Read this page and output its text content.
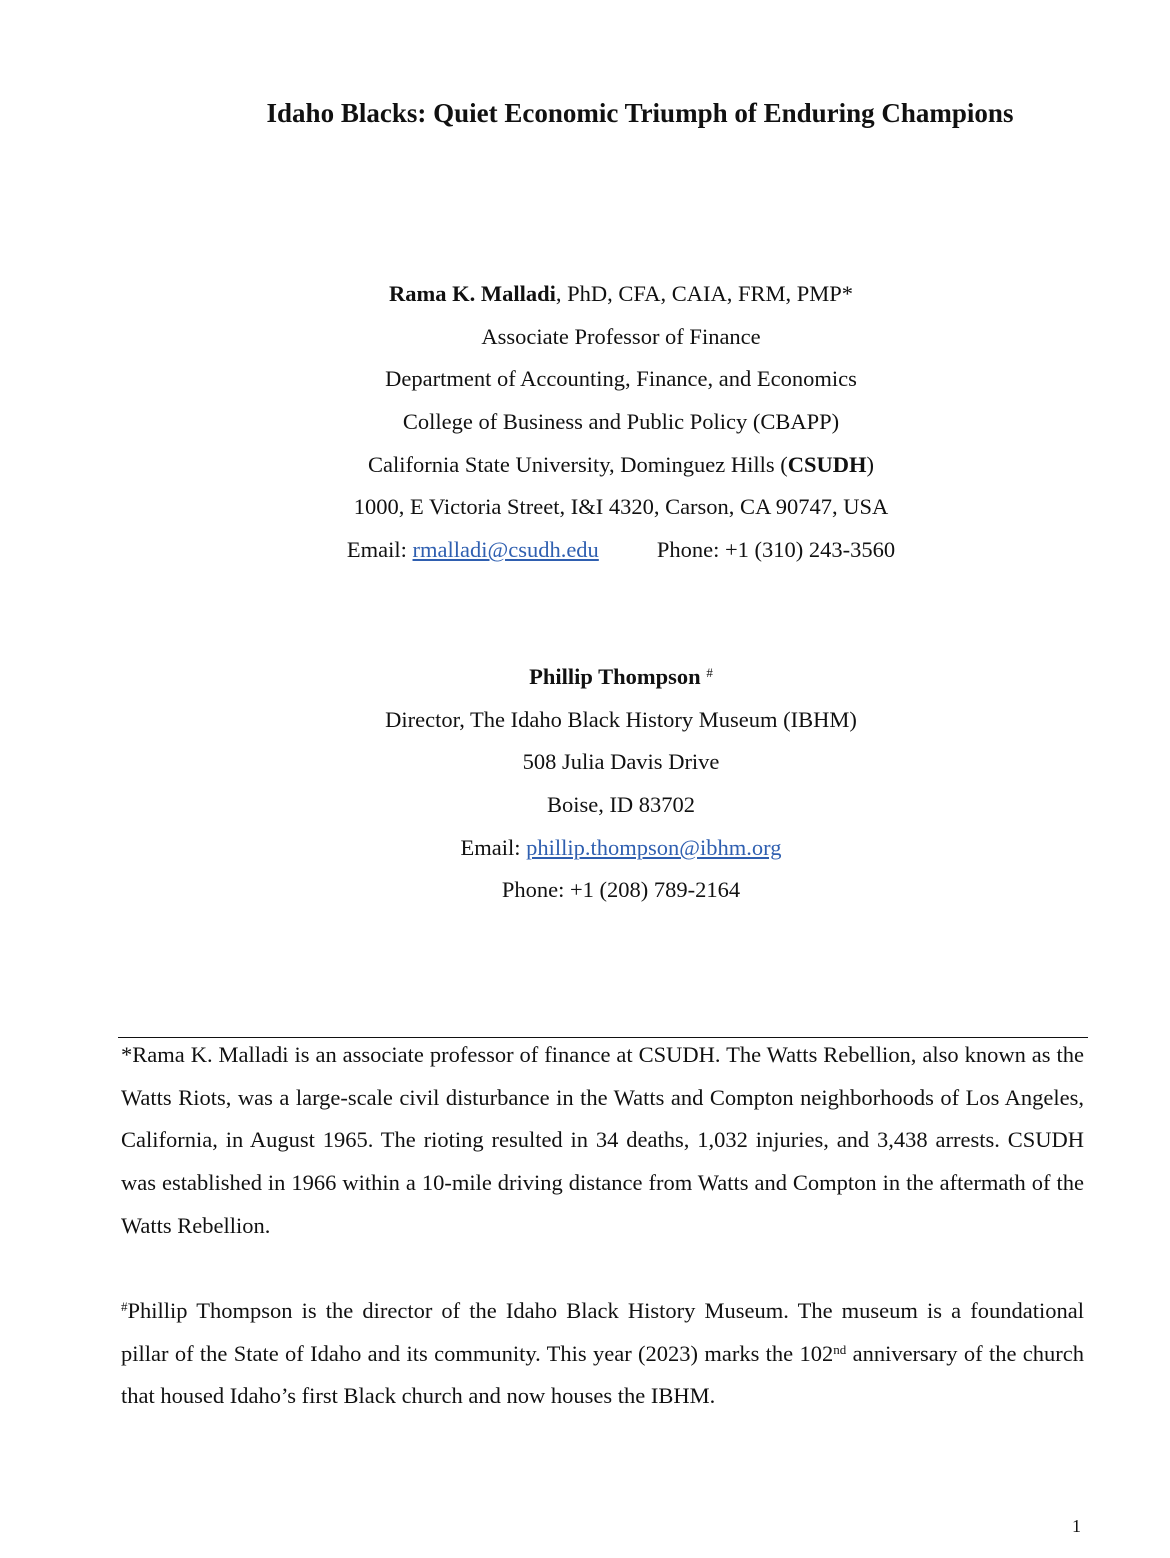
Idaho Blacks: Quiet Economic Triumph of Enduring Champions
Rama K. Malladi, PhD, CFA, CAIA, FRM, PMP*
Associate Professor of Finance
Department of Accounting, Finance, and Economics
College of Business and Public Policy (CBAPP)
California State University, Dominguez Hills (CSUDH)
1000, E Victoria Street, I&I 4320, Carson, CA 90747, USA
Email: rmalladi@csudh.edu	Phone: +1 (310) 243-3560
Phillip Thompson #
Director, The Idaho Black History Museum (IBHM)
508 Julia Davis Drive
Boise, ID 83702
Email: phillip.thompson@ibhm.org
Phone: +1 (208) 789-2164
*Rama K. Malladi is an associate professor of finance at CSUDH. The Watts Rebellion, also known as the Watts Riots, was a large-scale civil disturbance in the Watts and Compton neighborhoods of Los Angeles, California, in August 1965. The rioting resulted in 34 deaths, 1,032 injuries, and 3,438 arrests. CSUDH was established in 1966 within a 10-mile driving distance from Watts and Compton in the aftermath of the Watts Rebellion.
#Phillip Thompson is the director of the Idaho Black History Museum. The museum is a foundational pillar of the State of Idaho and its community. This year (2023) marks the 102nd anniversary of the church that housed Idaho’s first Black church and now houses the IBHM.
1
